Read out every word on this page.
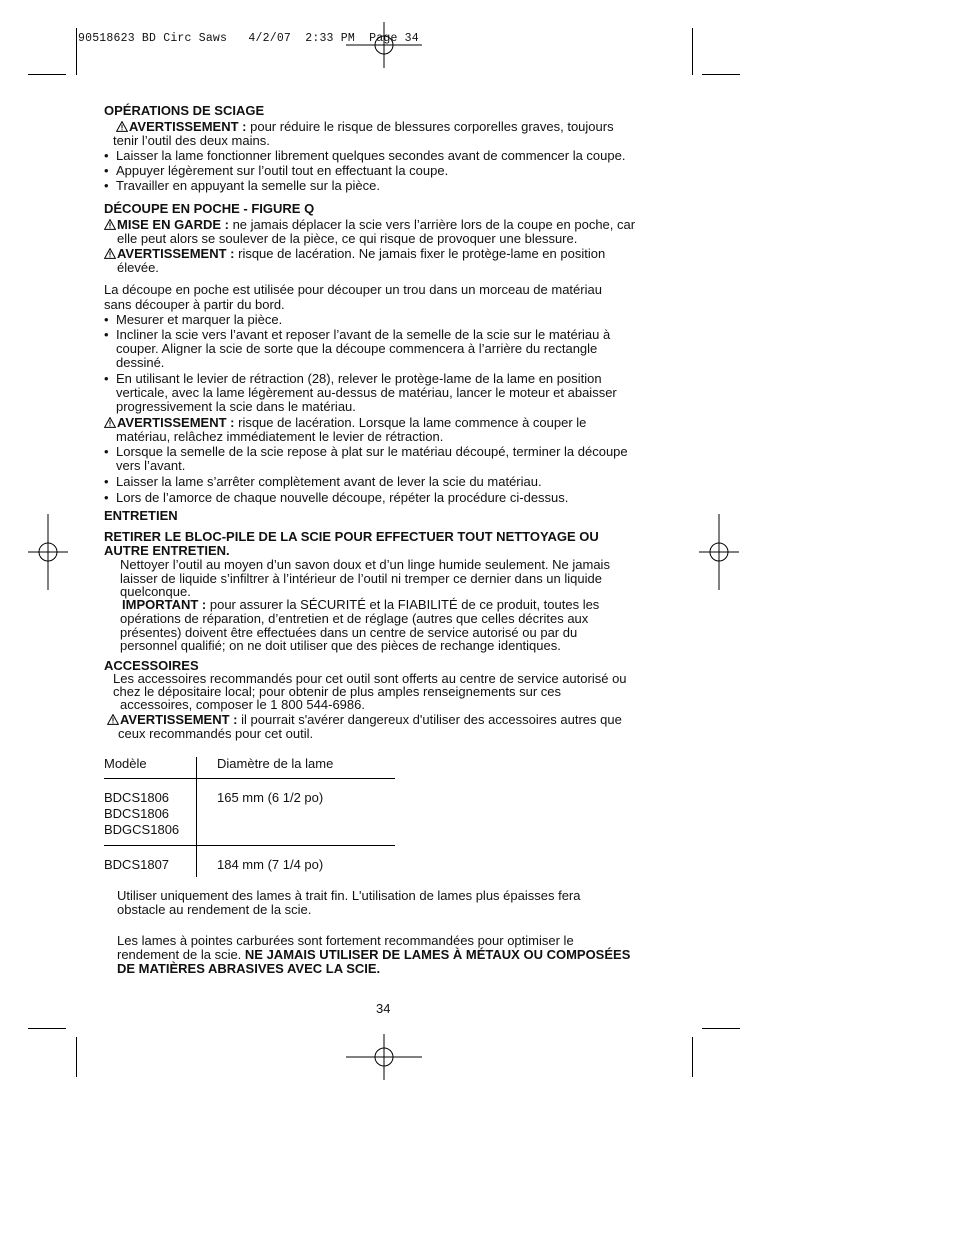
90518623 BD Circ Saws   4/2/07  2:33 PM  Page 34
OPÉRATIONS DE SCIAGE
AVERTISSEMENT : pour réduire le risque de blessures corporelles graves, toujours
tenir l’outil des deux mains.
• Laisser la lame fonctionner librement quelques secondes avant de commencer la coupe.
• Appuyer légèrement sur l’outil tout en effectuant la coupe.
• Travailler en appuyant la semelle sur la pièce.
DÉCOUPE EN POCHE - FIGURE Q
MISE EN GARDE : ne jamais déplacer la scie vers l’arrière lors de la coupe en poche, car
elle peut alors se soulever de la pièce, ce qui risque de provoquer une blessure.
AVERTISSEMENT : risque de lacération. Ne jamais fixer le protège-lame en position
élevée.
La découpe en poche est utilisée pour découper un trou dans un morceau de matériau
sans découper à partir du bord.
• Mesurer et marquer la pièce.
• Incliner la scie vers l’avant et reposer l’avant de la semelle de la scie sur le matériau à
couper. Aligner la scie de sorte que la découpe commencera à l’arrière du rectangle
dessiné.
• En utilisant le levier de rétraction (28), relever le protège-lame de la lame en position
verticale, avec la lame légèrement au-dessus de matériau, lancer le moteur et abaisser
progressivement la scie dans le matériau.
AVERTISSEMENT : risque de lacération. Lorsque la lame commence à couper le
matériau, relâchez immédiatement le levier de rétraction.
• Lorsque la semelle de la scie repose à plat sur le matériau découpé, terminer la découpe
vers l’avant.
• Laisser la lame s’arrêter complètement avant de lever la scie du matériau.
• Lors de l’amorce de chaque nouvelle découpe, répéter la procédure ci-dessus.
ENTRETIEN
RETIRER LE BLOC-PILE DE LA SCIE POUR EFFECTUER TOUT NETTOYAGE OU
AUTRE ENTRETIEN.
Nettoyer l’outil au moyen d’un savon doux et d’un linge humide seulement. Ne jamais
laisser de liquide s’infiltrer à l’intérieur de l’outil ni tremper ce dernier dans un liquide
quelconque.
IMPORTANT : pour assurer la SÉCURITÉ et la FIABILITÉ de ce produit, toutes les
opérations de réparation, d’entretien et de réglage (autres que celles décrites aux
présentes) doivent être effectuées dans un centre de service autorisé ou par du
personnel qualifié; on ne doit utiliser que des pièces de rechange identiques.
ACCESSOIRES
Les accessoires recommandés pour cet outil sont offerts au centre de service autorisé ou
chez le dépositaire local; pour obtenir de plus amples renseignements sur ces
accessoires, composer le 1 800 544-6986.
AVERTISSEMENT : il pourrait s'avérer dangereux d'utiliser des accessoires autres que
ceux recommandés pour cet outil.
Modèle	Diamètre de la lame
BDCS1806
BDCS1806
BDGCS1806
165 mm (6 1/2 po)
BDCS1807	184 mm (7 1/4 po)
Utiliser uniquement des lames à trait fin. L'utilisation de lames plus épaisses fera
obstacle au rendement de la scie.
Les lames à pointes carburées sont fortement recommandées pour optimiser le
rendement de la scie. NE JAMAIS UTILISER DE LAMES À MÉTAUX OU COMPOSÉES
DE MATIÈRES ABRASIVES AVEC LA SCIE.
34
